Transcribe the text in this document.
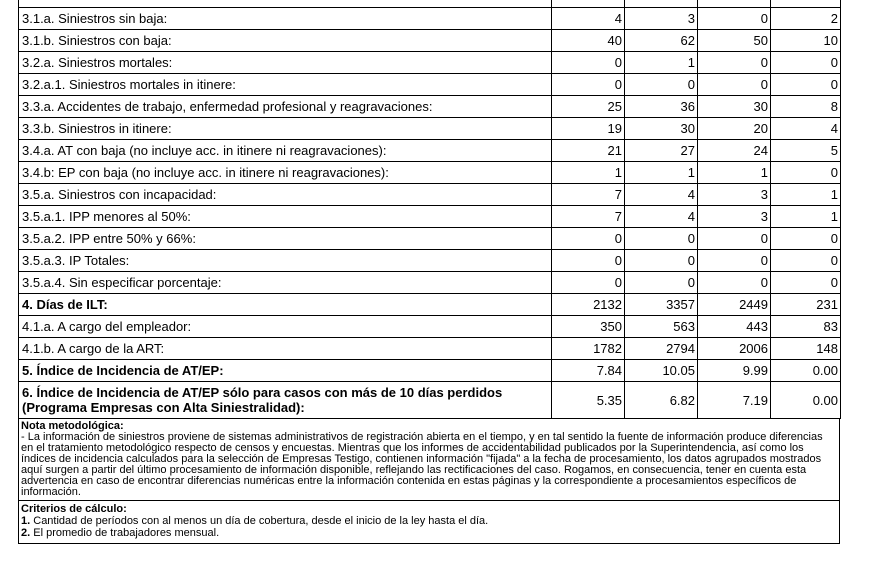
3.1.a. Siniestros sin baja:	4	3	0	2
3.1.b. Siniestros con baja:	40	62	50	10
3.2.a. Siniestros mortales:	0	1	0	0
3.2.a.1. Siniestros mortales in itinere:	0	0	0	0
3.3.a. Accidentes de trabajo, enfermedad profesional y reagravaciones:	25	36	30	8
3.3.b. Siniestros in itinere:	19	30	20	4
3.4.a. AT con baja (no incluye acc. in itinere ni reagravaciones):	21	27	24	5
3.4.b: EP con baja (no incluye acc. in itinere ni reagravaciones):	1	1	1	0
3.5.a. Siniestros con incapacidad:	7	4	3	1
3.5.a.1. IPP menores al 50%:	7	4	3	1
3.5.a.2. IPP entre 50% y 66%:	0	0	0	0
3.5.a.3. IP Totales:	0	0	0	0
3.5.a.4. Sin especificar porcentaje:	0	0	0	0
4. Días de ILT:	2132	3357	2449	231
4.1.a. A cargo del empleador:	350	563	443	83
4.1.b. A cargo de la ART:	1782	2794	2006	148
5. Índice de Incidencia de AT/EP:	7.84	10.05	9.99	0.00
6. Índice de Incidencia de AT/EP sólo para casos con más de 10 días perdidos (Programa Empresas con Alta Siniestralidad):	5.35	6.82	7.19	0.00
Nota metodológica:
- La información de siniestros proviene de sistemas administrativos de registración abierta en el tiempo, y en tal sentido la fuente de información produce diferencias en el tratamiento metodológico respecto de censos y encuestas. Mientras que los informes de accidentabilidad publicados por la Superintendencia, así como los índices de incidencia calculados para la selección de Empresas Testigo, contienen información "fijada" a la fecha de procesamiento, los datos agrupados mostrados aquí surgen a partir del último procesamiento de información disponible, reflejando las rectificaciones del caso. Rogamos, en consecuencia, tener en cuenta esta advertencia en caso de encontrar diferencias numéricas entre la información contenida en estas páginas y la correspondiente a procesamientos específicos de información.
Criterios de cálculo:
1. Cantidad de períodos con al menos un día de cobertura, desde el inicio de la ley hasta el día.
2. El promedio de trabajadores mensual.
